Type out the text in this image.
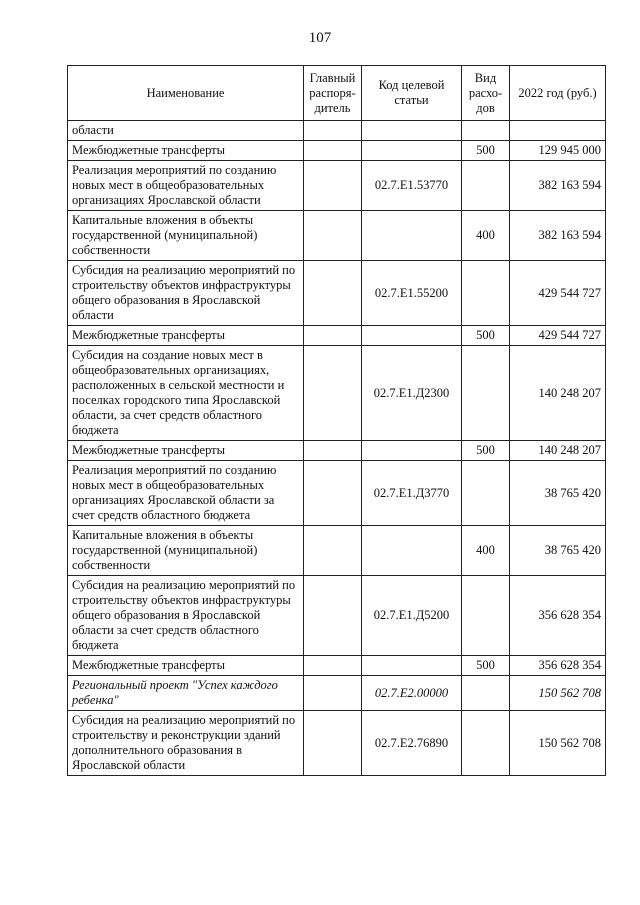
107
Наименование	Главный распоря-дитель	Код целевой статьи	Вид расхо-дов	2022 год (руб.)
области				
Межбюджетные трансферты			500	129 945 000
Реализация мероприятий по созданию новых мест в общеобразовательных организациях Ярославской области		02.7.E1.53770		382 163 594
Капитальные вложения в объекты государственной (муниципальной) собственности			400	382 163 594
Субсидия на реализацию мероприятий по строительству объектов инфраструктуры общего образования в Ярославской области		02.7.E1.55200		429 544 727
Межбюджетные трансферты			500	429 544 727
Субсидия на создание новых мест в общеобразовательных организациях, расположенных в сельской местности и поселках городского типа Ярославской области, за счет средств областного бюджета		02.7.E1.Д2300		140 248 207
Межбюджетные трансферты			500	140 248 207
Реализация мероприятий по созданию новых мест в общеобразовательных организациях Ярославской области за счет средств областного бюджета		02.7.E1.Д3770		38 765 420
Капитальные вложения в объекты государственной (муниципальной) собственности			400	38 765 420
Субсидия на реализацию мероприятий по строительству объектов инфраструктуры общего образования в Ярославской области за счет средств областного бюджета		02.7.E1.Д5200		356 628 354
Межбюджетные трансферты			500	356 628 354
Региональный проект "Успех каждого ребенка"		02.7.E2.00000		150 562 708
Субсидия на реализацию мероприятий по строительству и реконструкции зданий дополнительного образования в Ярославской области		02.7.E2.76890		150 562 708
